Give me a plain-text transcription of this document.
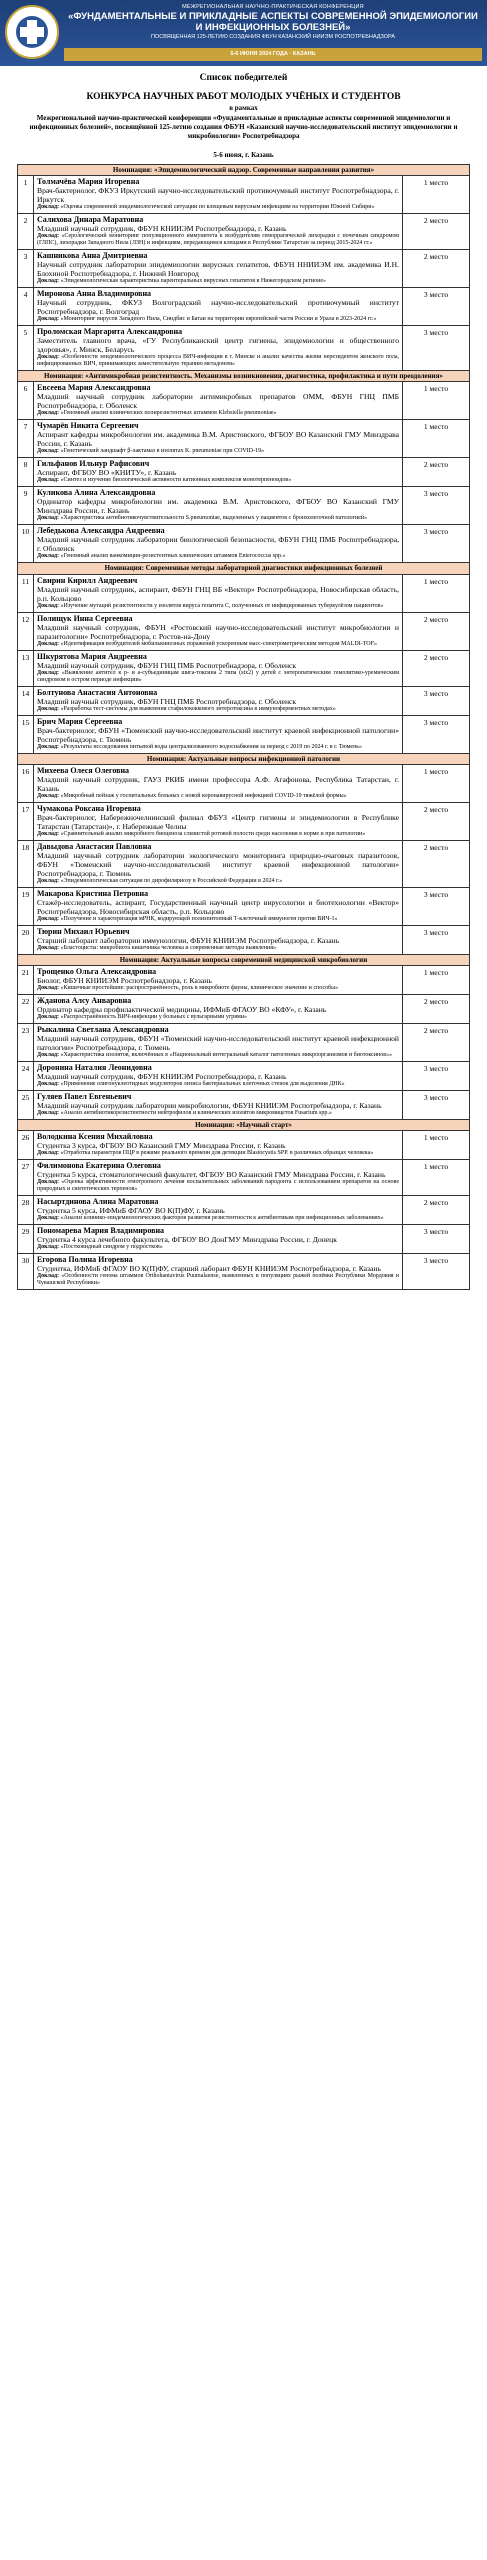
МЕЖРЕГИОНАЛЬНАЯ НАУЧНО-ПРАКТИЧЕСКАЯ КОНФЕРЕНЦИЯ
«ФУНДАМЕНТАЛЬНЫЕ И ПРИКЛАДНЫЕ АСПЕКТЫ СОВРЕМЕННОЙ ЭПИДЕМИОЛОГИИ И ИНФЕКЦИОННЫХ БОЛЕЗНЕЙ»
ПОСВЯЩЕННАЯ 125-ЛЕТИЮ СОЗДАНИЯ ФБУН КАЗАНСКИЙ НИИЭМ РОСПОТРЕБНАДЗОРА
5-6 ИЮНЯ 2024 ГОДА · КАЗАНЬ
Список победителей
КОНКУРСА НАУЧНЫХ РАБОТ МОЛОДЫХ УЧЁНЫХ И СТУДЕНТОВ
в рамках
Межрегиональной научно-практической конференции «Фундаментальные и прикладные аспекты современной эпидемиологии и инфекционных болезней», посвящённой 125-летию создания ФБУН «Казанский научно-исследовательский институт эпидемиологии и микробиологии» Роспотребнадзора
5-6 июня, г. Казань
Номинация: «Эпидемиологический надзор. Современные направления развития»
1	Толмачёва Мария Игоревна
Врач-бактериолог, ФКУЗ Иркутский научно-исследовательский противочумный институт Роспотребнадзора, г. Иркутск
Доклад: «Оценка современной эпидемиологической ситуации по клещевым вирусным инфекциям на территории Южной Сибири»
1 место
2	Салихова Динара Маратовна
Младший научный сотрудник, ФБУН КНИИЭМ Роспотребнадзора, г. Казань
Доклад: «Серологический мониторинг популяционного иммунитета к возбудителям геморрагической лихорадки с почечным синдромом (ГЛПС), лихорадки Западного Нила (ЛЗН) и инфекциям, передающимся клещами в Республике Татарстан за период 2015-2024 гг.»
2 место
3	Кашникова Анна Дмитриевна
Научный сотрудник лаборатории эпидемиологии вирусных гепатитов, ФБУН ННИИЭМ им. академика И.Н. Блохиной Роспотребнадзора, г. Нижний Новгород
Доклад: «Эпидемиологическая характеристика парентеральных вирусных гепатитов в Нижегородском регионе»
2 место
4	Миронова Анна Владимировна
Научный сотрудник, ФКУЗ Волгоградский научно-исследовательский противочумный институт Роспотребнадзора, г. Волгоград
Доклад: «Мониторинг вирусов Западного Нила, Синдбис и Батаи на территории европейской части России и Урала в 2023-2024 гг.»
3 место
5	Проломская Маргарита Александровна
Заместитель главного врача, «ГУ Республиканский центр гигиены, эпидемиологии и общественного здоровья», г. Минск, Беларусь
Доклад: «Особенности эпидемиологического процесса ВИЧ-инфекции в г. Минске и анализ качества жизни нерезидентов женского пола, инфицированных ВИЧ, принимающих заместительную терапию метадоном»
3 место
Номинация: «Антимикробная резистентность. Механизмы возникновения, диагностика, профилактика и пути преодоления»
6	Евсеева Мария Александровна
Младший научный сотрудник лаборатории антимикробных препаратов ОММ, ФБУН ГНЦ ПМБ Роспотребнадзора, г. Оболенск
Доклад: «Геномный анализ клинических полирезистентных штаммов Klebsiella pneumoniae»
1 место
7	Чумарёв Никита Сергеевич
Аспирант кафедры микробиологии им. академика В.М. Аристовского, ФГБОУ ВО Казанский ГМУ Минздрава России, г. Казань
Доклад: «Генетический ландшафт β-лактамаз в изолятах K. pneumoniae при COVID-19»
1 место
8	Гильфанов Ильнур Рафисович
Аспирант, ФГБОУ ВО «КНИТУ», г. Казань
Доклад: «Синтез и изучение биологической активности катионных комплексов монотерпеноидов»
2 место
9	Куликова Алина Александровна
Ординатор кафедры микробиологии им. академика В.М. Аристовского, ФГБОУ ВО Казанский ГМУ Минздрава России, г. Казань
Доклад: «Характеристика антибиотикочувствительности S.pneumoniae, выделенных у пациентов с бронхолегочной патологией»
3 место
10 Лебедькова Александра Андреевна
Младший научный сотрудник лаборатории биологической безопасности, ФБУН ГНЦ ПМБ Роспотребнадзора, г. Оболенск
Доклад: «Геномный анализ ванкомицин-резистентных клинических штаммов Enterococcus spp.»
3 место
Номинация: Современные методы лабораторной диагностики инфекционных болезней
11 Свирин Кирилл Андреевич
Младший научный сотрудник, аспирант, ФБУН ГНЦ ВБ «Вектор» Роспотребнадзора, Новосибирская область, р.п. Кольцово
Доклад: «Изучение мутаций резистентности у изолятов вируса гепатита С, полученных от инфицированных туберкулёзом пациентов»
1 место
12 Полищук Инна Сергеевна
Младший научный сотрудник, ФБУН «Ростовский научно-исследовательский институт микробиологии и паразитологии» Роспотребнадзора, г. Ростов-на-Дону
Доклад: «Идентификация возбудителей мобилькинозных поражений ускоренным масс-спектрометрическим методом MALDI-TOF»
2 место
13 Шкурятова Мария Андреевна
Младший научный сотрудник, ФБУН ГНЦ ПМБ Роспотребнадзора, г. Оболенск
Доклад: «Выявление антител к p- и a-субъединицам шига-токсина 2 типа (stx2) у детей с энтеропатическим гемолитико-уремическим синдромом в остром периоде инфекции»
2 место
14 Болтунова Анастасия Антоновна
Младший научный сотрудник, ФБУН ГНЦ ПМБ Роспотребнадзора, г. Оболенск
Доклад: «Разработка тест-системы для выявления стафилококкового энтеротоксина в иммуноферментных методах»
3 место
15 Брич Мария Сергеевна
Врач-бактериолог, ФБУН «Тюменский научно-исследовательский институт краевой инфекционной патологии» Роспотребнадзора, г. Тюмень
Доклад: «Результаты исследования питьевой воды централизованного водоснабжения за период с 2019 по 2024 г. в г. Тюмень»
3 место
Номинация: Актуальные вопросы инфекционной патологии
16 Михеева Олеся Олеговна
Младший научный сотрудник, ГАУЗ РКИБ имени профессора А.Ф. Агафонова, Республика Татарстан, г. Казань
Доклад: «Микробный пейзаж у госпитальных больных с новой коронавирусной инфекцией COVID-19 тяжёлой формы»
1 место
17 Чумакова Роксана Игоревна
Врач-бактериолог, Набережночелнинский филиал ФБУЗ «Центр гигиены и эпидемиологии в Республике Татарстан (Татарстан)», г. Набережные Челны
Доклад: «Сравнительный анализ микробного биоценоза слизистой ротовой полости среди населения в норме и при патологии»
2 место
18 Давыдова Анастасия Павловна
Младший научный сотрудник лаборатории экологического мониторинга природно-очаговых паразитозов, ФБУН «Тюменский научно-исследовательский институт краевой инфекционной патологии» Роспотребнадзора, г. Тюмень
Доклад: «Эпидемиологическая ситуация по дирофиляриозу в Российской Федерации в 2024 г.»
2 место
19 Макарова Кристина Петровна
Стажёр-исследователь, аспирант, Государственный научный центр вирусологии и биотехнологии «Вектор» Роспотребнадзора, Новосибирская область, р.п. Кольцово
Доклад: «Получение и характеризация мРНК, кодирующей полиэпитопный Т-клеточный иммуноген против ВИЧ-1»
3 место
20 Тюрин Михаил Юрьевич
Старший лаборант лаборатории иммунологии, ФБУН КНИИЭМ Роспотребнадзора, г. Казань
Доклад: «Бластоцисты: микробиота кишечника человека и современные методы выявления»
3 место
Номинация: Актуальные вопросы современной медицинской микробиологии
21 Трощенко Ольга Александровна
Биолог, ФБУН КНИИЭМ Роспотребнадзора, г. Казань
Доклад: «Кишечные простейшие: распространённость, роль в микробиоте фауны, клиническое значение и способы»
1 место
22 Жданова Алсу Анваровна
Ординатор кафедры профилактической медицины, ИФМиБ ФГАОУ ВО «КФУ», г. Казань
Доклад: «Распространённость ВИЧ-инфекции у больных с вульгарными угрями»
2 место
23 Рыкалина Светлана Александровна
Младший научный сотрудник, ФБУН «Тюменский научно-исследовательский институт краевой инфекционной патологии» Роспотребнадзора, г. Тюмень
Доклад: «Характеристика изолятов, включённых в «Национальный интегральный каталог патогенных микроорганизмов и биотоксинов»»
2 место
24 Доронина Наталия Леонидовна
Младший научный сотрудник, ФБУН КНИИЭМ Роспотребнадзора, г. Казань
Доклад: «Применение олигонуклеотидных модуляторов лизиса бактериальных клеточных стенок для выделения ДНК»
3 место
25 Гуляев Павел Евгеньевич
Младший научный сотрудник лаборатории микробиологии, ФБУН КНИИЭМ Роспотребнадзора, г. Казань
Доклад: «Анализ антибиотикорезистентности нейтрофилов и клинических изолятов микромицетов Fusarium spp.»
3 место
Номинация: «Научный старт»
26 Володкина Ксения Михайловна
Студентка 3 курса, ФГБОУ ВО Казанский ГМУ Минздрава России, г. Казань
Доклад: «Отработка параметров ПЦР в режиме реального времени для детекции Blastocystis SPP. в различных образцах человека»
1 место
27 Филимонова Екатерина Олеговна
Студентка 5 курса, стоматологический факультет, ФГБОУ ВО Казанский ГМУ Минздрава России, г. Казань
Доклад: «Оценка эффективности этиотропного лечения воспалительных заболеваний пародонта с использованием препаратов на основе природных и синтетических терпенов»
1 место
28 Насыртдинова Алина Маратовна
Студентка 5 курса, ИФМиБ ФГАОУ ВО К(П)ФУ, г. Казань
Доклад: «Анализ клинико-эпидемиологических факторов развития резистентности к антибиотикам при инфекционных заболеваниях»
2 место
29 Пономарева Мария Владимировна
Студентка 4 курса лечебного факультета, ФГБОУ ВО ДонГМУ Минздрава России, г. Донецк
Доклад: «Постковидный синдром у подростков»
3 место
30 Егорова Полина Игоревна
Студентка, ИФМиБ ФГАОУ ВО К(П)ФУ, старший лаборант ФБУН КНИИЭМ Роспотребнадзора, г. Казань
Доклад: «Особенности генома штаммов Orthohantavirus Puumalaense, выявленных в популяциях рыжей полёвки Республики Мордовия и Чувашской Республики»
3 место
